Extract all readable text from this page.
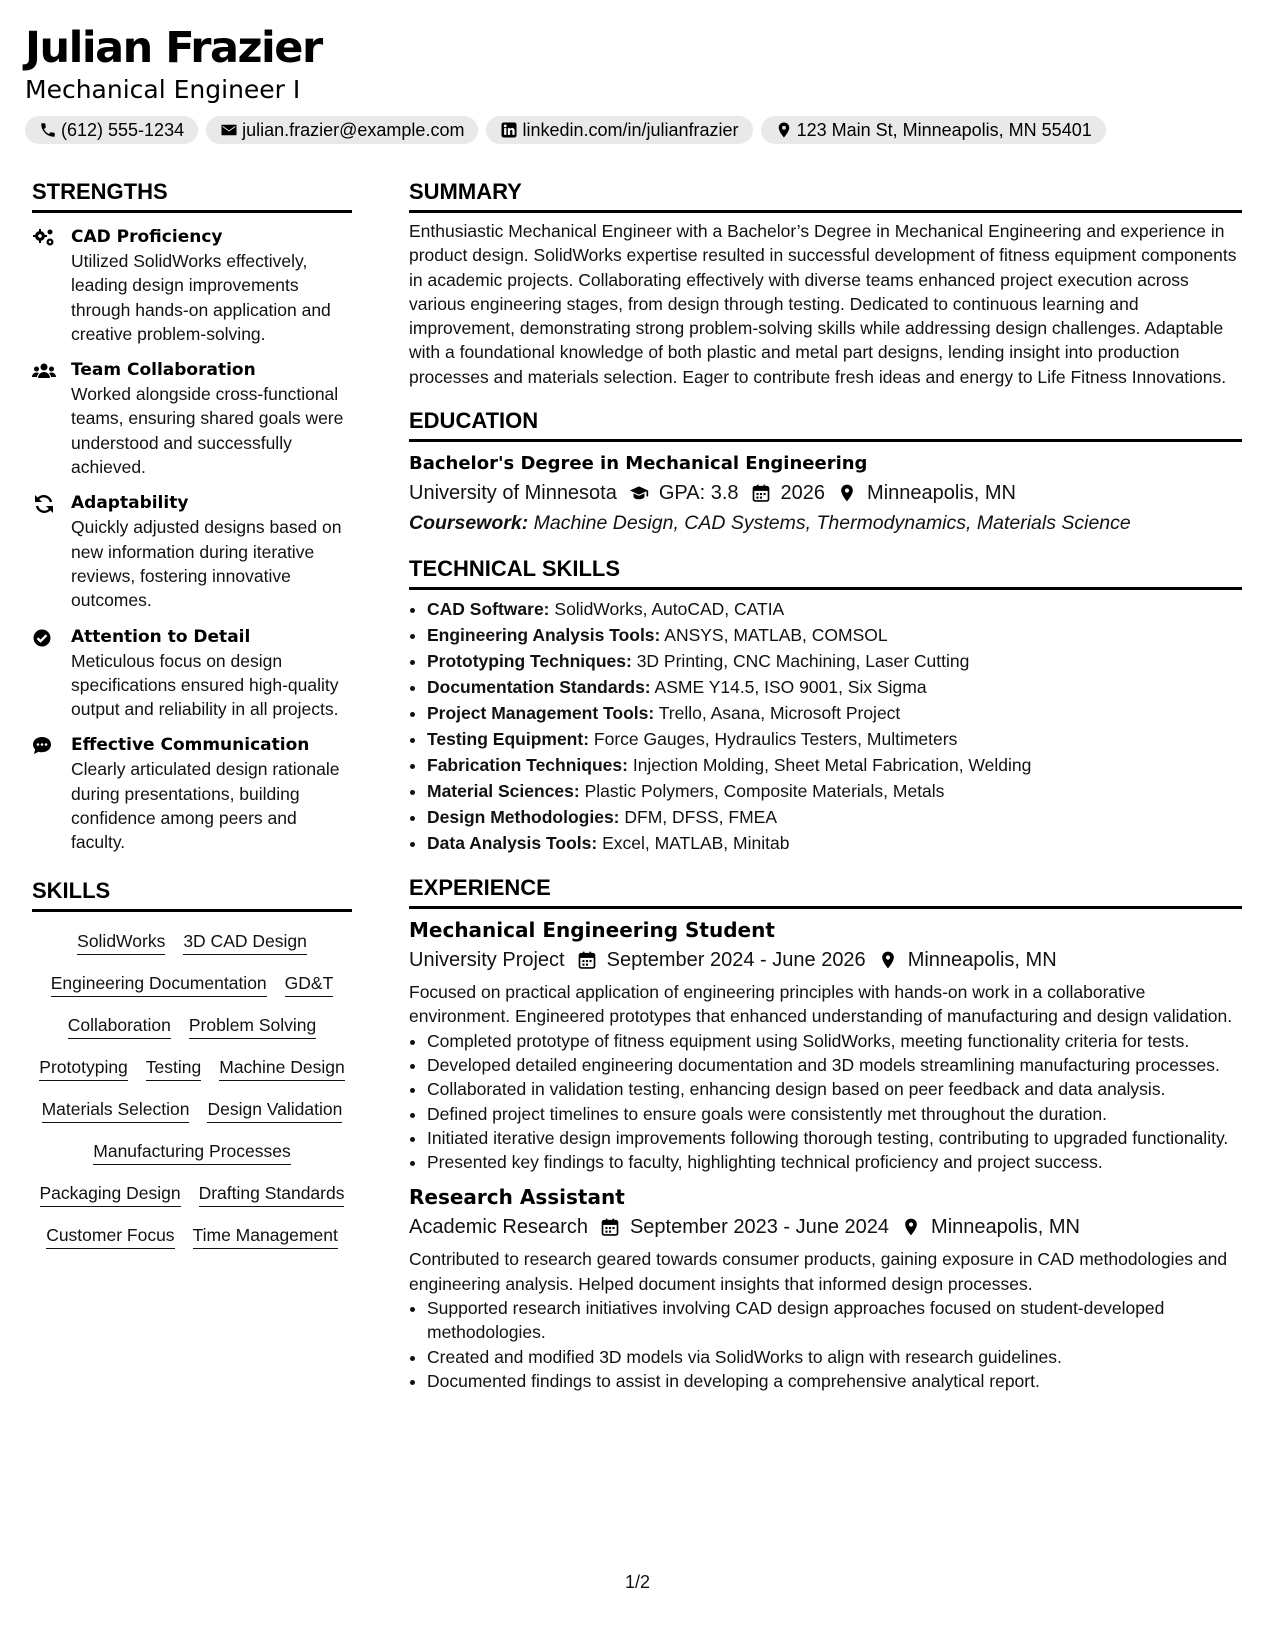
Julian Frazier
Mechanical Engineer I
(612) 555-1234	julian.frazier@example.com	linkedin.com/in/julianfrazier	123 Main St, Minneapolis, MN 55401
STRENGTHS
CAD Proficiency
Utilized SolidWorks effectively, leading design improvements through hands-on application and creative problem-solving.
Team Collaboration
Worked alongside cross-functional teams, ensuring shared goals were understood and successfully achieved.
Adaptability
Quickly adjusted designs based on new information during iterative reviews, fostering innovative outcomes.
Attention to Detail
Meticulous focus on design specifications ensured high-quality output and reliability in all projects.
Effective Communication
Clearly articulated design rationale during presentations, building confidence among peers and faculty.
SKILLS
SolidWorks 3D CAD Design
Engineering Documentation GD&T
Collaboration Problem Solving
Prototyping Testing Machine Design
Materials Selection Design Validation
Manufacturing Processes
Packaging Design Drafting Standards
Customer Focus Time Management
SUMMARY
Enthusiastic Mechanical Engineer with a Bachelor’s Degree in Mechanical Engineering and experience in product design. SolidWorks expertise resulted in successful development of fitness equipment components in academic projects. Collaborating effectively with diverse teams enhanced project execution across various engineering stages, from design through testing. Dedicated to continuous learning and improvement, demonstrating strong problem-solving skills while addressing design challenges. Adaptable with a foundational knowledge of both plastic and metal part designs, lending insight into production processes and materials selection. Eager to contribute fresh ideas and energy to Life Fitness Innovations.
EDUCATION
Bachelor's Degree in Mechanical Engineering
University of Minnesota GPA: 3.8 2026 Minneapolis, MN
Coursework: Machine Design, CAD Systems, Thermodynamics, Materials Science
TECHNICAL SKILLS
• CAD Software: SolidWorks, AutoCAD, CATIA
• Engineering Analysis Tools: ANSYS, MATLAB, COMSOL
• Prototyping Techniques: 3D Printing, CNC Machining, Laser Cutting
• Documentation Standards: ASME Y14.5, ISO 9001, Six Sigma
• Project Management Tools: Trello, Asana, Microsoft Project
• Testing Equipment: Force Gauges, Hydraulics Testers, Multimeters
• Fabrication Techniques: Injection Molding, Sheet Metal Fabrication, Welding
• Material Sciences: Plastic Polymers, Composite Materials, Metals
• Design Methodologies: DFM, DFSS, FMEA
• Data Analysis Tools: Excel, MATLAB, Minitab
EXPERIENCE
Mechanical Engineering Student
University Project September 2024 - June 2026 Minneapolis, MN
Focused on practical application of engineering principles with hands-on work in a collaborative environment. Engineered prototypes that enhanced understanding of manufacturing and design validation.
• Completed prototype of fitness equipment using SolidWorks, meeting functionality criteria for tests.
• Developed detailed engineering documentation and 3D models streamlining manufacturing processes.
• Collaborated in validation testing, enhancing design based on peer feedback and data analysis.
• Defined project timelines to ensure goals were consistently met throughout the duration.
• Initiated iterative design improvements following thorough testing, contributing to upgraded functionality.
• Presented key findings to faculty, highlighting technical proficiency and project success.
Research Assistant
Academic Research September 2023 - June 2024 Minneapolis, MN
Contributed to research geared towards consumer products, gaining exposure in CAD methodologies and engineering analysis. Helped document insights that informed design processes.
• Supported research initiatives involving CAD design approaches focused on student-developed methodologies.
• Created and modified 3D models via SolidWorks to align with research guidelines.
• Documented findings to assist in developing a comprehensive analytical report.
1/2
